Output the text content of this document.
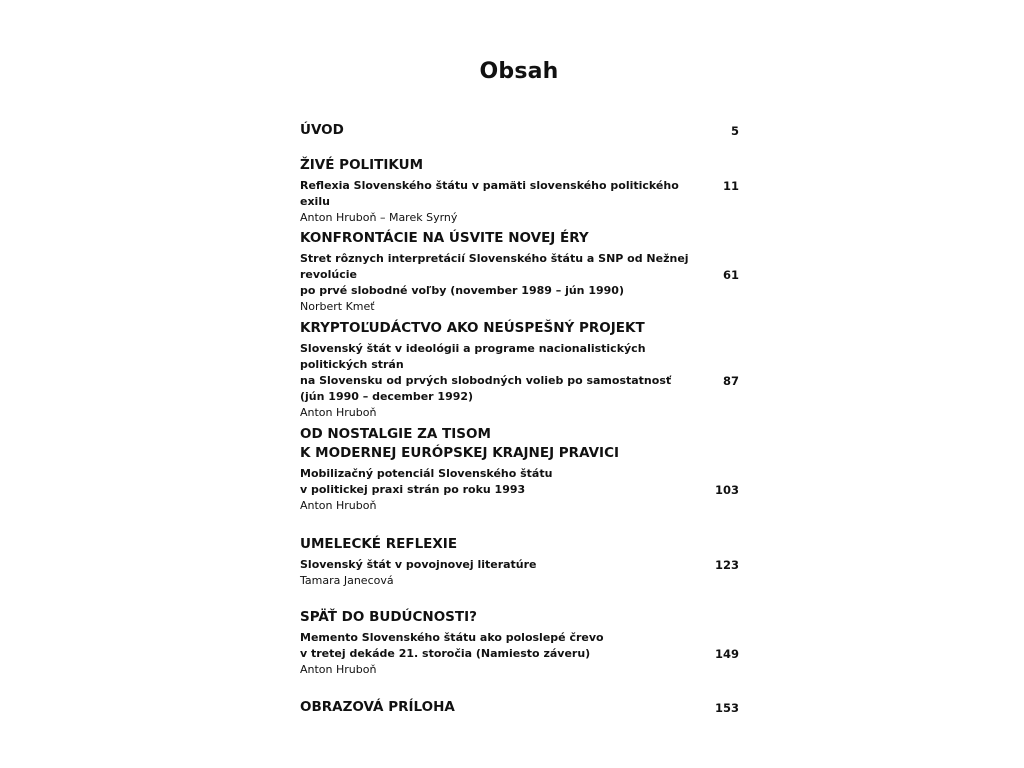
Obsah
ÚVOD	5
ŽIVÉ POLITIKUM
Reflexia Slovenského štátu v pamäti slovenského politického exilu
Anton Hruboň – Marek Syrný
11
KONFRONTÁCIE NA ÚSVITE NOVEJ ÉRY
Stret rôznych interpretácií Slovenského štátu a SNP od Nežnej revolúcie
po prvé slobodné voľby (november 1989 – jún 1990)
Norbert Kmeť
61
KRYPTOĽUDÁCTVO AKO NEÚSPEŠNÝ PROJEKT
Slovenský štát v ideológii a programe nacionalistických politických strán
na Slovensku od prvých slobodných volieb po samostatnosť
(jún 1990 – december 1992)
Anton Hruboň
87
OD NOSTALGIE ZA TISOM
K MODERNEJ EURÓPSKEJ KRAJNEJ PRAVICI
Mobilizačný potenciál Slovenského štátu
v politickej praxi strán po roku 1993
Anton Hruboň
103
UMELECKÉ REFLEXIE
Slovenský štát v povojnovej literatúre
Tamara Janecová
123
SPÄŤ DO BUDÚCNOSTI?
Memento Slovenského štátu ako poloslepé črevo
v tretej dekáde 21. storočia (Namiesto záveru)
Anton Hruboň
149
OBRAZOVÁ PRÍLOHA	153
